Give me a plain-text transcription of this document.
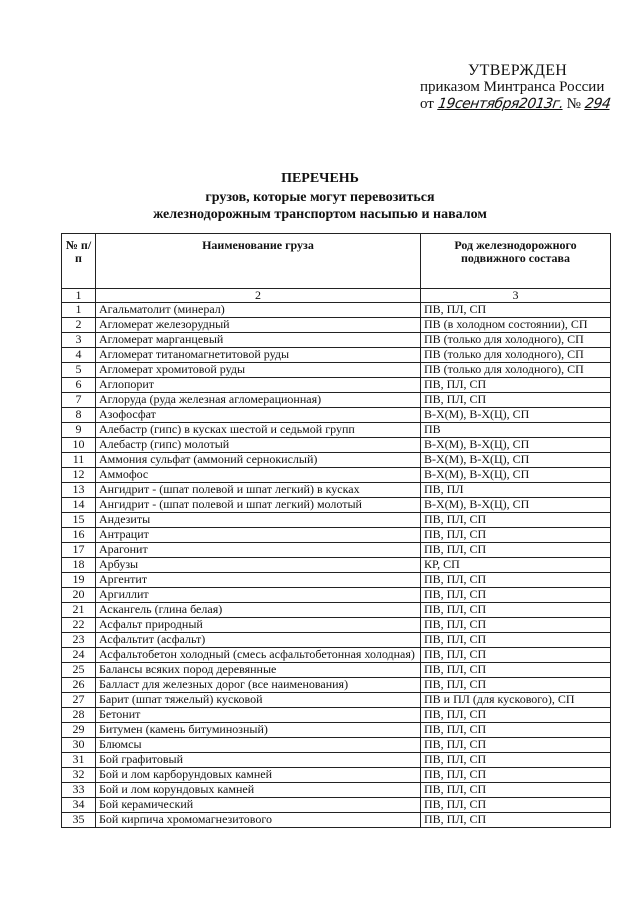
УТВЕРЖДЕН
приказом Минтранса России
от 19сентября2013г. № 294
ПЕРЕЧЕНЬ
грузов, которые могут перевозиться
железнодорожным транспортом насыпью и навалом
№ п/п	Наименование груза	Род железнодорожного подвижного состава
1	2	3
1	Агальматолит (минерал)	ПВ, ПЛ, СП
2	Агломерат железорудный	ПВ (в холодном состоянии), СП
3	Агломерат марганцевый	ПВ (только для холодного), СП
4	Агломерат титаномагнетитовой руды	ПВ (только для холодного), СП
5	Агломерат хромитовой руды	ПВ (только для холодного), СП
6	Аглопорит	ПВ, ПЛ, СП
7	Аглоруда (руда железная агломерационная)	ПВ, ПЛ, СП
8	Азофосфат	В-Х(М), В-Х(Ц), СП
9	Алебастр (гипс) в кусках шестой и седьмой групп	ПВ
10	Алебастр (гипс) молотый	В-Х(М), В-Х(Ц), СП
11	Аммония сульфат (аммоний сернокислый)	В-Х(М), В-Х(Ц), СП
12	Аммофос	В-Х(М), В-Х(Ц), СП
13	Ангидрит - (шпат полевой и шпат легкий) в кусках	ПВ, ПЛ
14	Ангидрит - (шпат полевой и шпат легкий) молотый	В-Х(М), В-Х(Ц), СП
15	Андезиты	ПВ, ПЛ, СП
16	Антрацит	ПВ, ПЛ, СП
17	Арагонит	ПВ, ПЛ, СП
18	Арбузы	КР, СП
19	Аргентит	ПВ, ПЛ, СП
20	Аргиллит	ПВ, ПЛ, СП
21	Аскангель (глина белая)	ПВ, ПЛ, СП
22	Асфальт природный	ПВ, ПЛ, СП
23	Асфальтит (асфальт)	ПВ, ПЛ, СП
24	Асфальтобетон холодный (смесь асфальтобетонная холодная)	ПВ, ПЛ, СП
25	Балансы всяких пород деревянные	ПВ, ПЛ, СП
26	Балласт для железных дорог (все наименования)	ПВ, ПЛ, СП
27	Барит (шпат тяжелый) кусковой	ПВ и ПЛ (для кускового), СП
28	Бетонит	ПВ, ПЛ, СП
29	Битумен (камень битуминозный)	ПВ, ПЛ, СП
30	Блюмсы	ПВ, ПЛ, СП
31	Бой графитовый	ПВ, ПЛ, СП
32	Бой и лом карборундовых камней	ПВ, ПЛ, СП
33	Бой и лом корундовых камней	ПВ, ПЛ, СП
34	Бой керамический	ПВ, ПЛ, СП
35	Бой кирпича хромомагнезитового	ПВ, ПЛ, СП
